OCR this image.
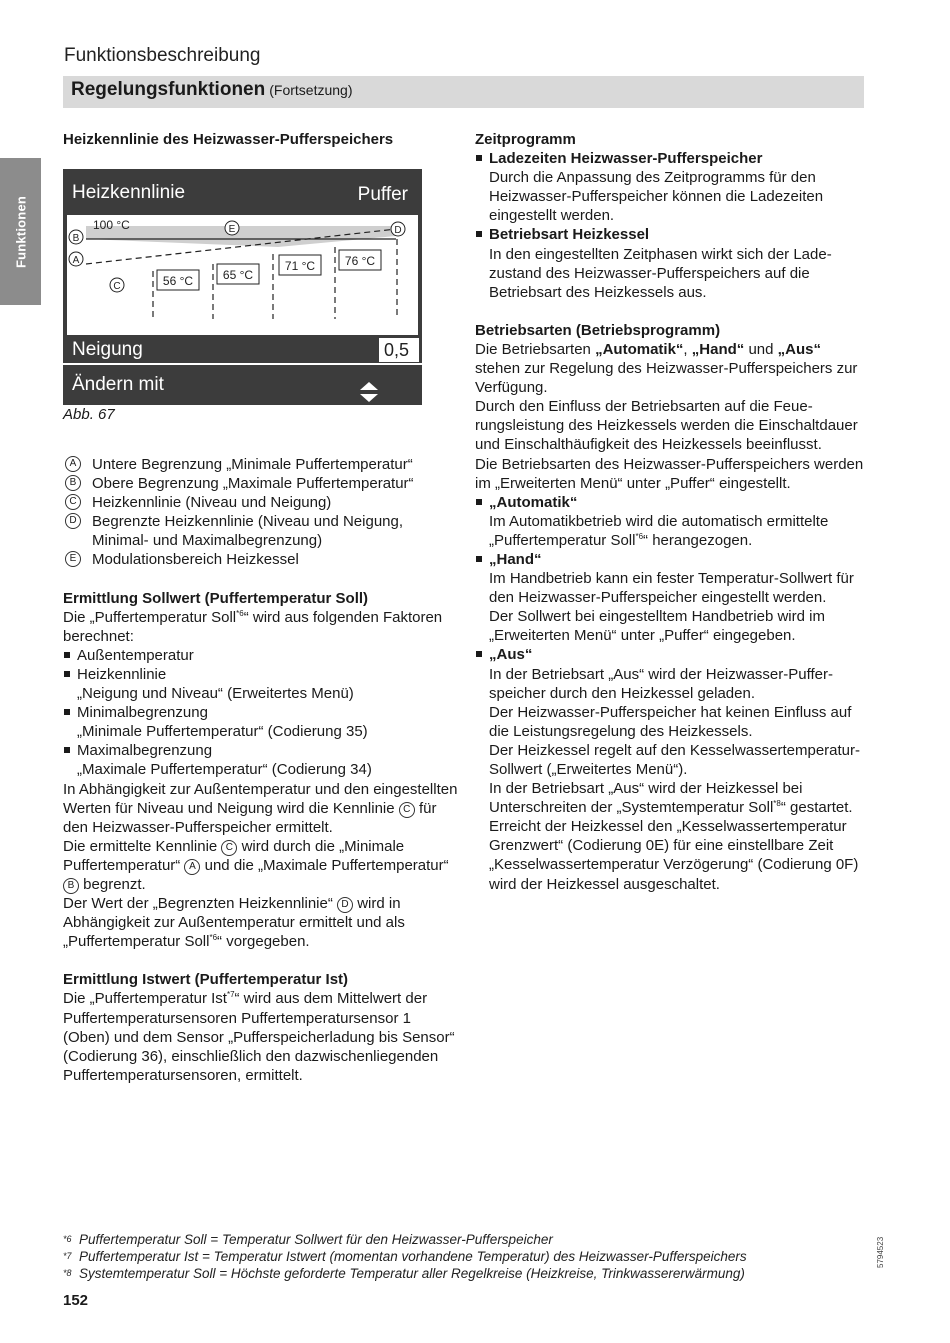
Funktionen
Funktionsbeschreibung
Regelungsfunktionen (Fortsetzung)

Heizkennlinie des Heizwasser-Pufferspeichers

56 °C 65 °C
71 °C 76 °C
100 °C
B
A
C
E	D
20	10	0	-10	-20	-30
Heizkennlinie	Puffer
Neigung	0,5
Ändern mit
Abb. 67
A	Untere Begrenzung „Minimale Puffertemperatur“
B	Obere Begrenzung „Maximale Puffertemperatur“
C Heizkennlinie (Niveau und Neigung)
D Begrenzte Heizkennlinie (Niveau und Neigung, Minimal- und Maximalbegrenzung)
E	Modulationsbereich Heizkessel

Ermittlung Sollwert (Puffertemperatur Soll)

Die „Puffertemperatur Soll$^{*6}$“ wird aus folgenden Faktoren berechnet:

Außentemperatur
Heizkennlinie
„Neigung und Niveau“ (Erweitertes Menü)
Minimalbegrenzung
„Minimale Puffertemperatur“ (Codierung 35)
Maximalbegrenzung
„Maximale Puffertemperatur“ (Codierung 34)

In Abhängigkeit zur Außentemperatur und den eingestellten Werten für Niveau und Neigung wird die Kennlinie C für den Heizwasser-Pufferspeicher ermittelt.

Die ermittelte Kennlinie C wird durch die „Minimale Puffertemperatur“ A und die „Maximale Puffertemperatur“ B begrenzt.

Der Wert der „Begrenzten Heizkennlinie“ D wird in Abhängigkeit zur Außentemperatur ermittelt und als „Puffertemperatur Soll$^{*6}$“ vorgegeben.

Ermittlung Istwert (Puffertemperatur Ist)

Die „Puffertemperatur Ist$^{*7}$“ wird aus dem Mittelwert der Puffertemperatursensoren Puffertemperatursensor 1 (Oben) und dem Sensor „Pufferspeicherladung bis Sensor“ (Codierung 36), einschließlich den dazwischenliegenden Puffertemperatursensoren, ermittelt.

Zeitprogramm

Ladezeiten Heizwasser-Pufferspeicher
Durch die Anpassung des Zeitprogramms für den Heizwasser-Pufferspeicher können die Ladezeiten eingestellt werden.
Betriebsart Heizkessel
In den eingestellten Zeitphasen wirkt sich der Ladezustand des Heizwasser-Pufferspeichers auf die Betriebsart des Heizkessels aus.

Betriebsarten (Betriebsprogramm)

Die Betriebsarten „Automatik“, „Hand“ und „Aus“ stehen zur Regelung des Heizwasser-Pufferspeichers zur Verfügung.

Durch den Einfluss der Betriebsarten auf die Feuerungsleistung des Heizkessels werden die Einschaltdauer und Einschalthäufigkeit des Heizkessels beeinflusst.

Die Betriebsarten des Heizwasser-Pufferspeichers werden im „Erweiterten Menü“ unter „Puffer“ eingestellt.

„Automatik“
Im Automatikbetrieb wird die automatisch ermittelte „Puffertemperatur Soll$^{*6}$“ herangezogen.
„Hand“
Im Handbetrieb kann ein fester Temperatur-Sollwert für den Heizwasser-Pufferspeicher eingestellt werden.
Der Sollwert bei eingestelltem Handbetrieb wird im „Erweiterten Menü“ unter „Puffer“ eingegeben.
„Aus“
In der Betriebsart „Aus“ wird der Heizwasser-Pufferspeicher durch den Heizkessel geladen.
Der Heizwasser-Pufferspeicher hat keinen Einfluss auf die Leistungsregelung des Heizkessels.
Der Heizkessel regelt auf den Kesselwassertemperatur-Sollwert („Erweitertes Menü“).
In der Betriebsart „Aus“ wird der Heizkessel bei Unterschreiten der „Systemtemperatur Soll$^{*8}$“ gestartet. Erreicht der Heizkessel den „Kesselwassertemperatur Grenzwert“ (Codierung 0E) für eine einstellbare Zeit „Kesselwassertemperatur Verzögerung“ (Codierung 0F) wird der Heizkessel ausgeschaltet.
*6 Puffertemperatur Soll = Temperatur Sollwert für den Heizwasser-Pufferspeicher
*7 Puffertemperatur Ist = Temperatur Istwert (momentan vorhandene Temperatur) des Heizwasser-Pufferspeichers
*8 Systemtemperatur Soll = Höchste geforderte Temperatur aller Regelkreise (Heizkreise, Trinkwassererwärmung)
152
5794523
